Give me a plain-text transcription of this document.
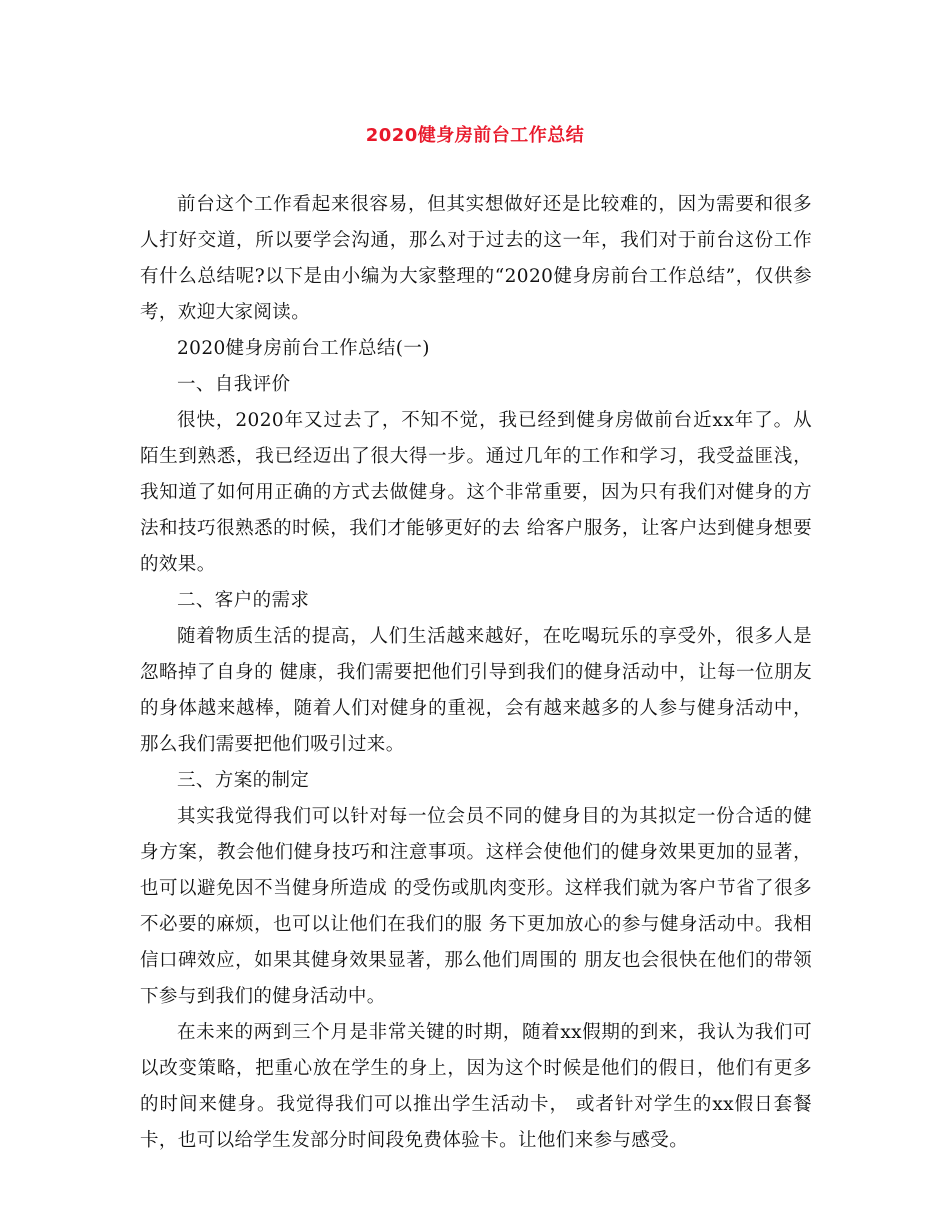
2020健身房前台工作总结

前台这个工作看起来很容易，但其实想做好还是比较难的，因为需要和很多人打好交道，所以要学会沟通，那么对于过去的这一年，我们对于前台这份工作有什么总结呢?以下是由小编为大家整理的“2020健身房前台工作总结”，仅供参考，欢迎大家阅读。

2020健身房前台工作总结(一)

一、自我评价

很快，2020年又过去了，不知不觉，我已经到健身房做前台近xx年了。从陌生到熟悉，我已经迈出了很大得一步。通过几年的工作和学习，我受益匪浅，我知道了如何用正确的方式去做健身。这个非常重要，因为只有我们对健身的方法和技巧很熟悉的时候，我们才能够更好的去 给客户服务，让客户达到健身想要的效果。

二、客户的需求

随着物质生活的提高，人们生活越来越好，在吃喝玩乐的享受外，很多人是忽略掉了自身的 健康，我们需要把他们引导到我们的健身活动中，让每一位朋友的身体越来越棒，随着人们对健身的重视，会有越来越多的人参与健身活动中，那么我们需要把他们吸引过来。

三、方案的制定

其实我觉得我们可以针对每一位会员不同的健身目的为其拟定一份合适的健身方案，教会他们健身技巧和注意事项。这样会使他们的健身效果更加的显著，也可以避免因不当健身所造成 的受伤或肌肉变形。这样我们就为客户节省了很多不必要的麻烦，也可以让他们在我们的服 务下更加放心的参与健身活动中。我相信口碑效应，如果其健身效果显著，那么他们周围的 朋友也会很快在他们的带领下参与到我们的健身活动中。

在未来的两到三个月是非常关键的时期，随着xx假期的到来，我认为我们可以改变策略，把重心放在学生的身上，因为这个时候是他们的假日，他们有更多的时间来健身。我觉得我们可以推出学生活动卡， 或者针对学生的xx假日套餐卡，也可以给学生发部分时间段免费体验卡。让他们来参与感受。
